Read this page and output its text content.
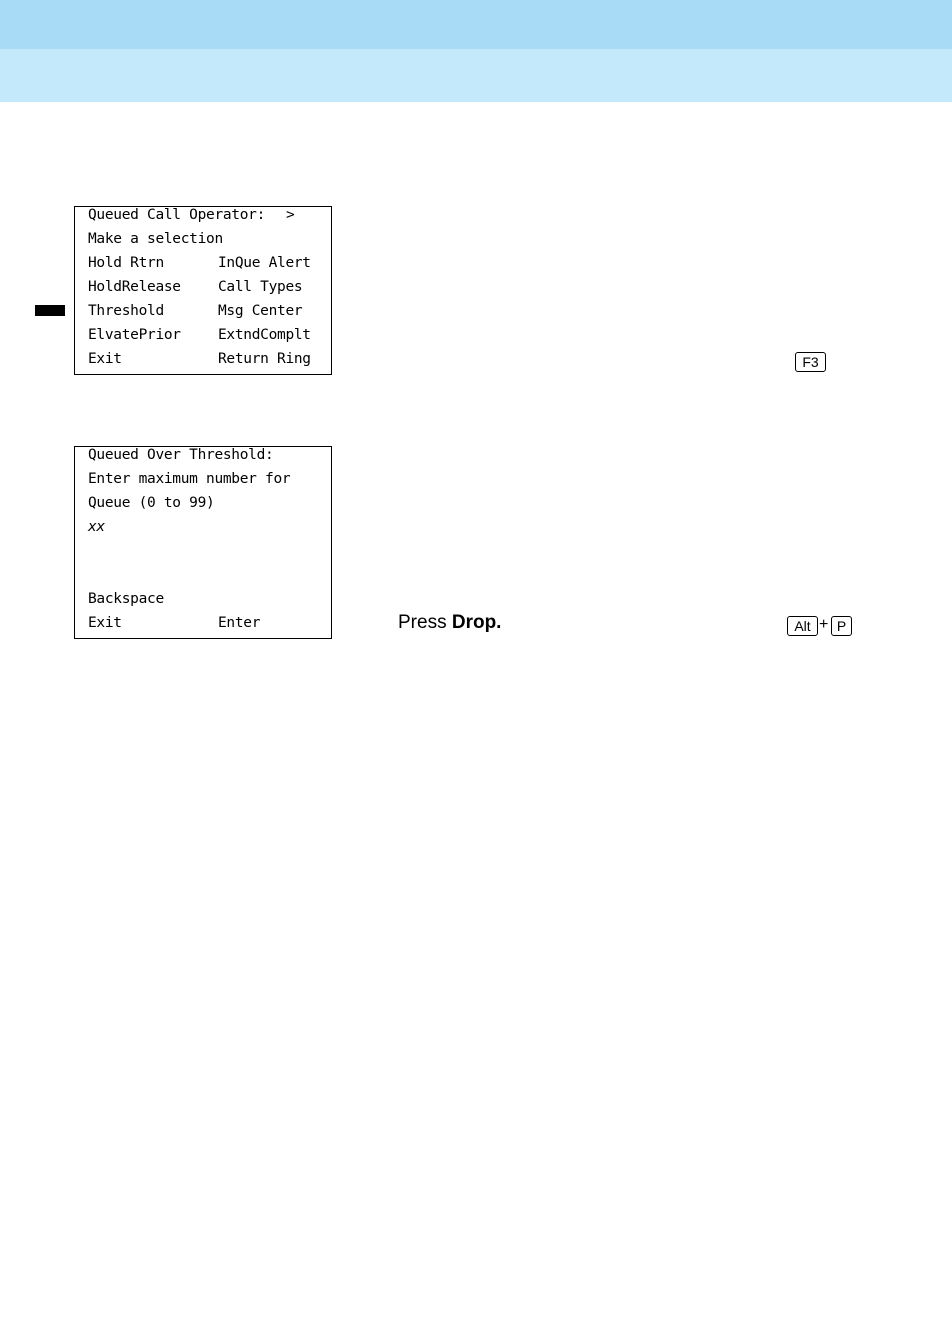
Queued Call Operator: >
Make a selection
Hold Rtrn	InQue Alert
HoldRelease	Call Types
Threshold	Msg Center
ElvatePrior	ExtndComplt
Exit	Return Ring	F3
Queued Over Threshold:
Enter maximum number for
Queue (0 to 99)
xx
Backspace
Exit	Enter	Press Drop.	Alt + P
